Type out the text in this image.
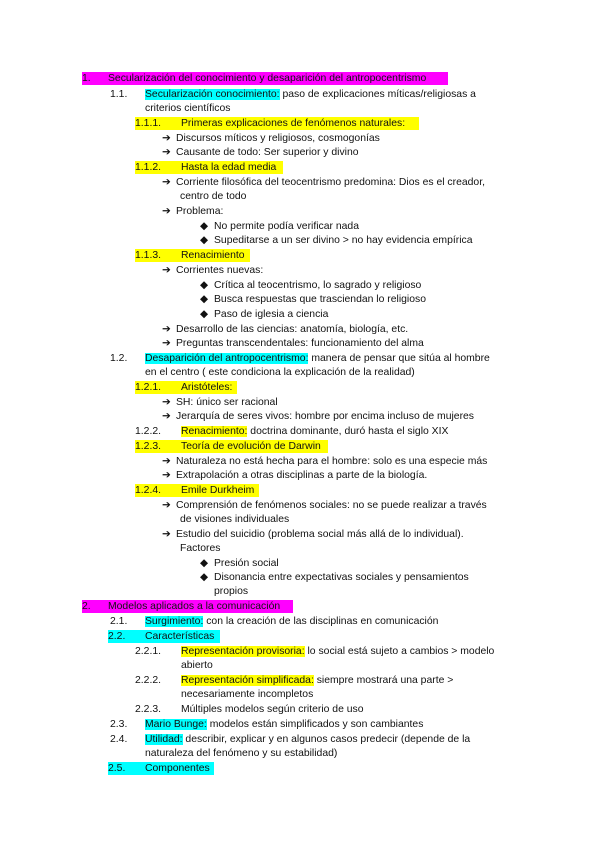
1. Secularización del conocimiento y desaparición del antropocentrismo
1.1. Secularización conocimiento: paso de explicaciones míticas/religiosas a
criterios científicos
1.1.1. Primeras explicaciones de fenómenos naturales:
➔ Discursos míticos y religiosos, cosmogonías
➔ Causante de todo: Ser superior y divino
1.1.2. Hasta la edad media
➔ Corriente filosófica del teocentrismo predomina: Dios es el creador,
centro de todo
➔ Problema:
◆ No permite podía verificar nada
◆ Supeditarse a un ser divino > no hay evidencia empírica
1.1.3. Renacimiento
➔ Corrientes nuevas:
◆ Crítica al teocentrismo, lo sagrado y religioso
◆ Busca respuestas que trasciendan lo religioso
◆ Paso de iglesia a ciencia
➔ Desarrollo de las ciencias: anatomía, biología, etc.
➔ Preguntas transcendentales: funcionamiento del alma
1.2. Desaparición del antropocentrismo: manera de pensar que sitúa al hombre
en el centro ( este condiciona la explicación de la realidad)
1.2.1. Aristóteles:
➔ SH: único ser racional
➔ Jerarquía de seres vivos: hombre por encima incluso de mujeres
1.2.2. Renacimiento: doctrina dominante, duró hasta el siglo XIX
1.2.3. Teoría de evolución de Darwin
➔ Naturaleza no está hecha para el hombre: solo es una especie más
➔ Extrapolación a otras disciplinas a parte de la biología.
1.2.4. Emile Durkheim
➔ Comprensión de fenómenos sociales: no se puede realizar a través
de visiones individuales
➔ Estudio del suicidio (problema social más allá de lo individual).
Factores
◆ Presión social
◆ Disonancia entre expectativas sociales y pensamientos
propios
2. Modelos aplicados a la comunicación
2.1. Surgimiento: con la creación de las disciplinas en comunicación
2.2. Características
2.2.1. Representación provisoria: lo social está sujeto a cambios > modelo
abierto
2.2.2. Representación simplificada: siempre mostrará una parte >
necesariamente incompletos
2.2.3. Múltiples modelos según criterio de uso
2.3. Mario Bunge: modelos están simplificados y son cambiantes
2.4. Utilidad: describir, explicar y en algunos casos predecir (depende de la
naturaleza del fenómeno y su estabilidad)
2.5. Componentes
